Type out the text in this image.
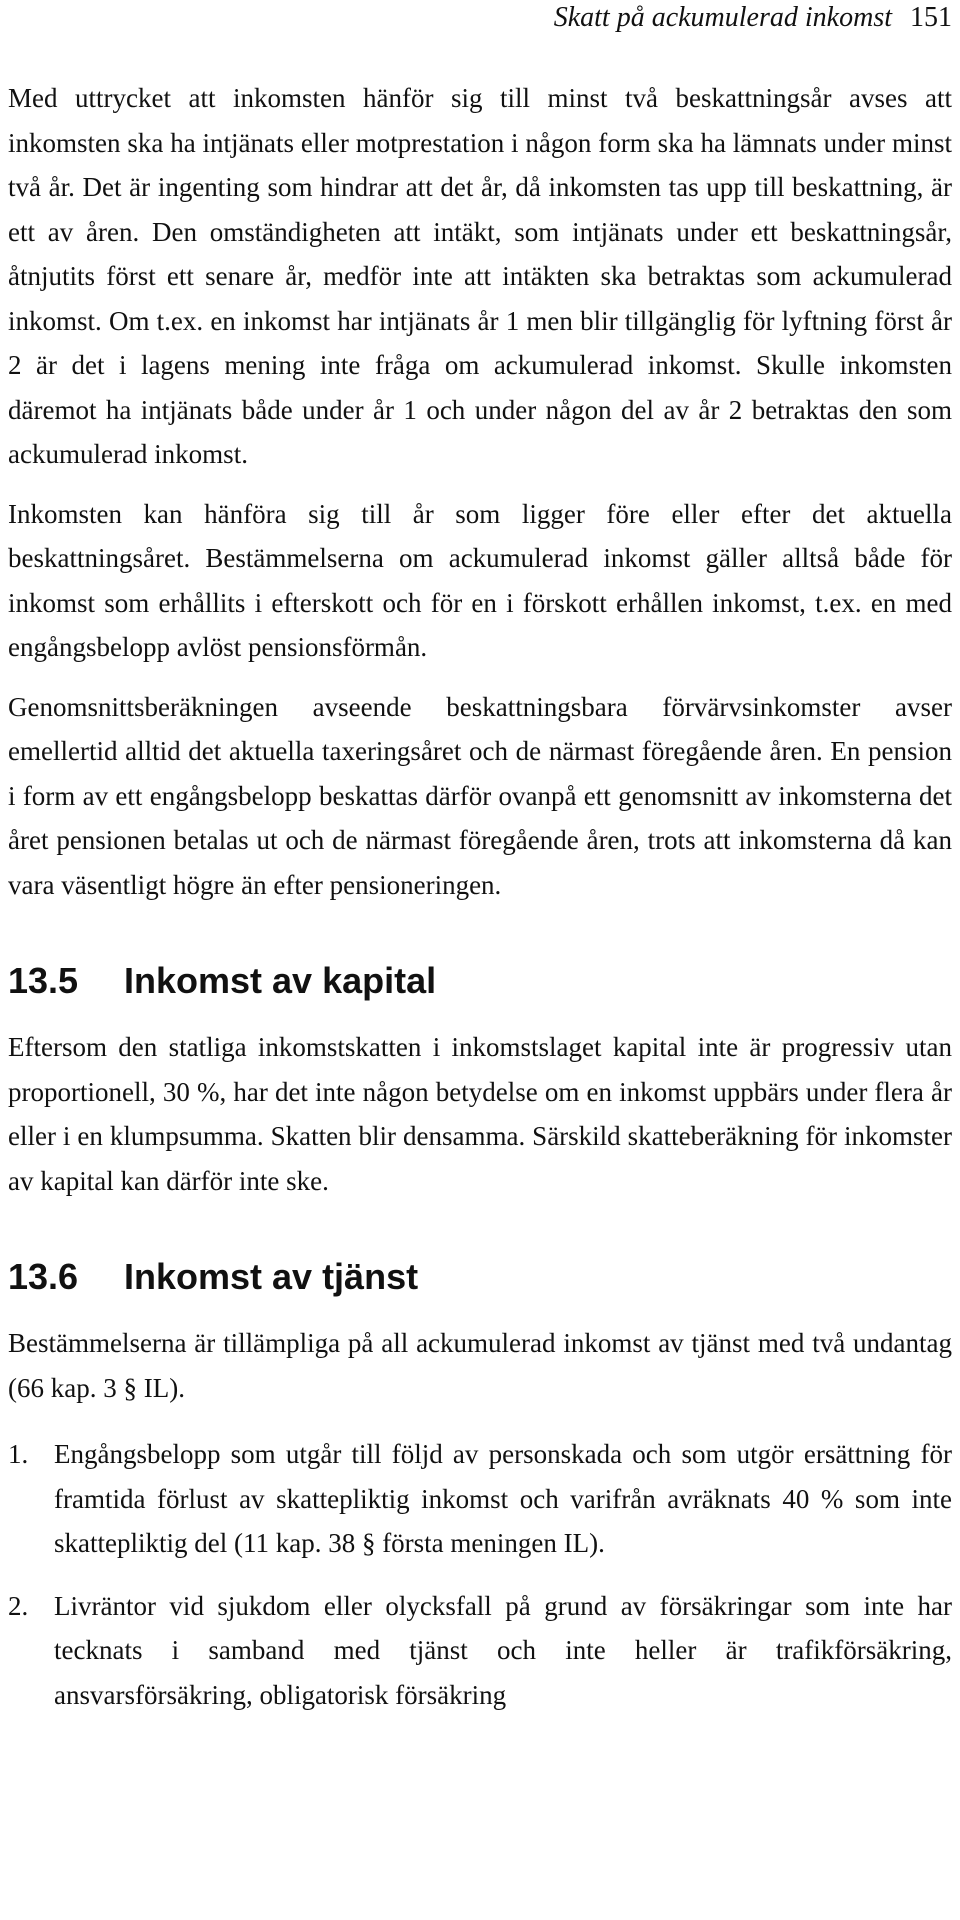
Skatt på ackumulerad inkomst 151

Med uttrycket att inkomsten hänför sig till minst två beskattningsår avses att inkomsten ska ha intjänats eller motprestation i någon form ska ha lämnats under minst två år. Det är ingenting som hindrar att det år, då inkomsten tas upp till beskattning, är ett av åren. Den omständigheten att intäkt, som intjänats under ett beskattningsår, åtnjutits först ett senare år, medför inte att intäkten ska betraktas som ackumulerad inkomst. Om t.ex. en inkomst har intjänats år 1 men blir tillgänglig för lyftning först år 2 är det i lagens mening inte fråga om ackumulerad inkomst. Skulle inkomsten däremot ha intjänats både under år 1 och under någon del av år 2 betraktas den som ackumulerad inkomst.

Inkomsten kan hänföra sig till år som ligger före eller efter det aktuella beskattningsåret. Bestämmelserna om ackumulerad inkomst gäller alltså både för inkomst som erhållits i efterskott och för en i förskott erhållen inkomst, t.ex. en med engångsbelopp avlöst pensionsförmån.

Genomsnittsberäkningen avseende beskattningsbara förvärvsinkomster avser emellertid alltid det aktuella taxeringsåret och de närmast föregående åren. En pension i form av ett engångsbelopp beskattas därför ovanpå ett genomsnitt av inkomsterna det året pensionen betalas ut och de närmast föregående åren, trots att inkomsterna då kan vara väsentligt högre än efter pensioneringen.

13.5 Inkomst av kapital

Eftersom den statliga inkomstskatten i inkomstslaget kapital inte är progressiv utan proportionell, 30 %, har det inte någon betydelse om en inkomst uppbärs under flera år eller i en klumpsumma. Skatten blir densamma. Särskild skatteberäkning för inkomster av kapital kan därför inte ske.

13.6 Inkomst av tjänst

Bestämmelserna är tillämpliga på all ackumulerad inkomst av tjänst med två undantag (66 kap. 3 § IL).

1. Engångsbelopp som utgår till följd av personskada och som utgör ersättning för framtida förlust av skattepliktig inkomst och varifrån avräknats 40 % som inte skattepliktig del (11 kap. 38 § första meningen IL).
2. Livräntor vid sjukdom eller olycksfall på grund av försäkringar som inte har tecknats i samband med tjänst och inte heller är trafikförsäkring, ansvarsförsäkring, obligatorisk försäkring
